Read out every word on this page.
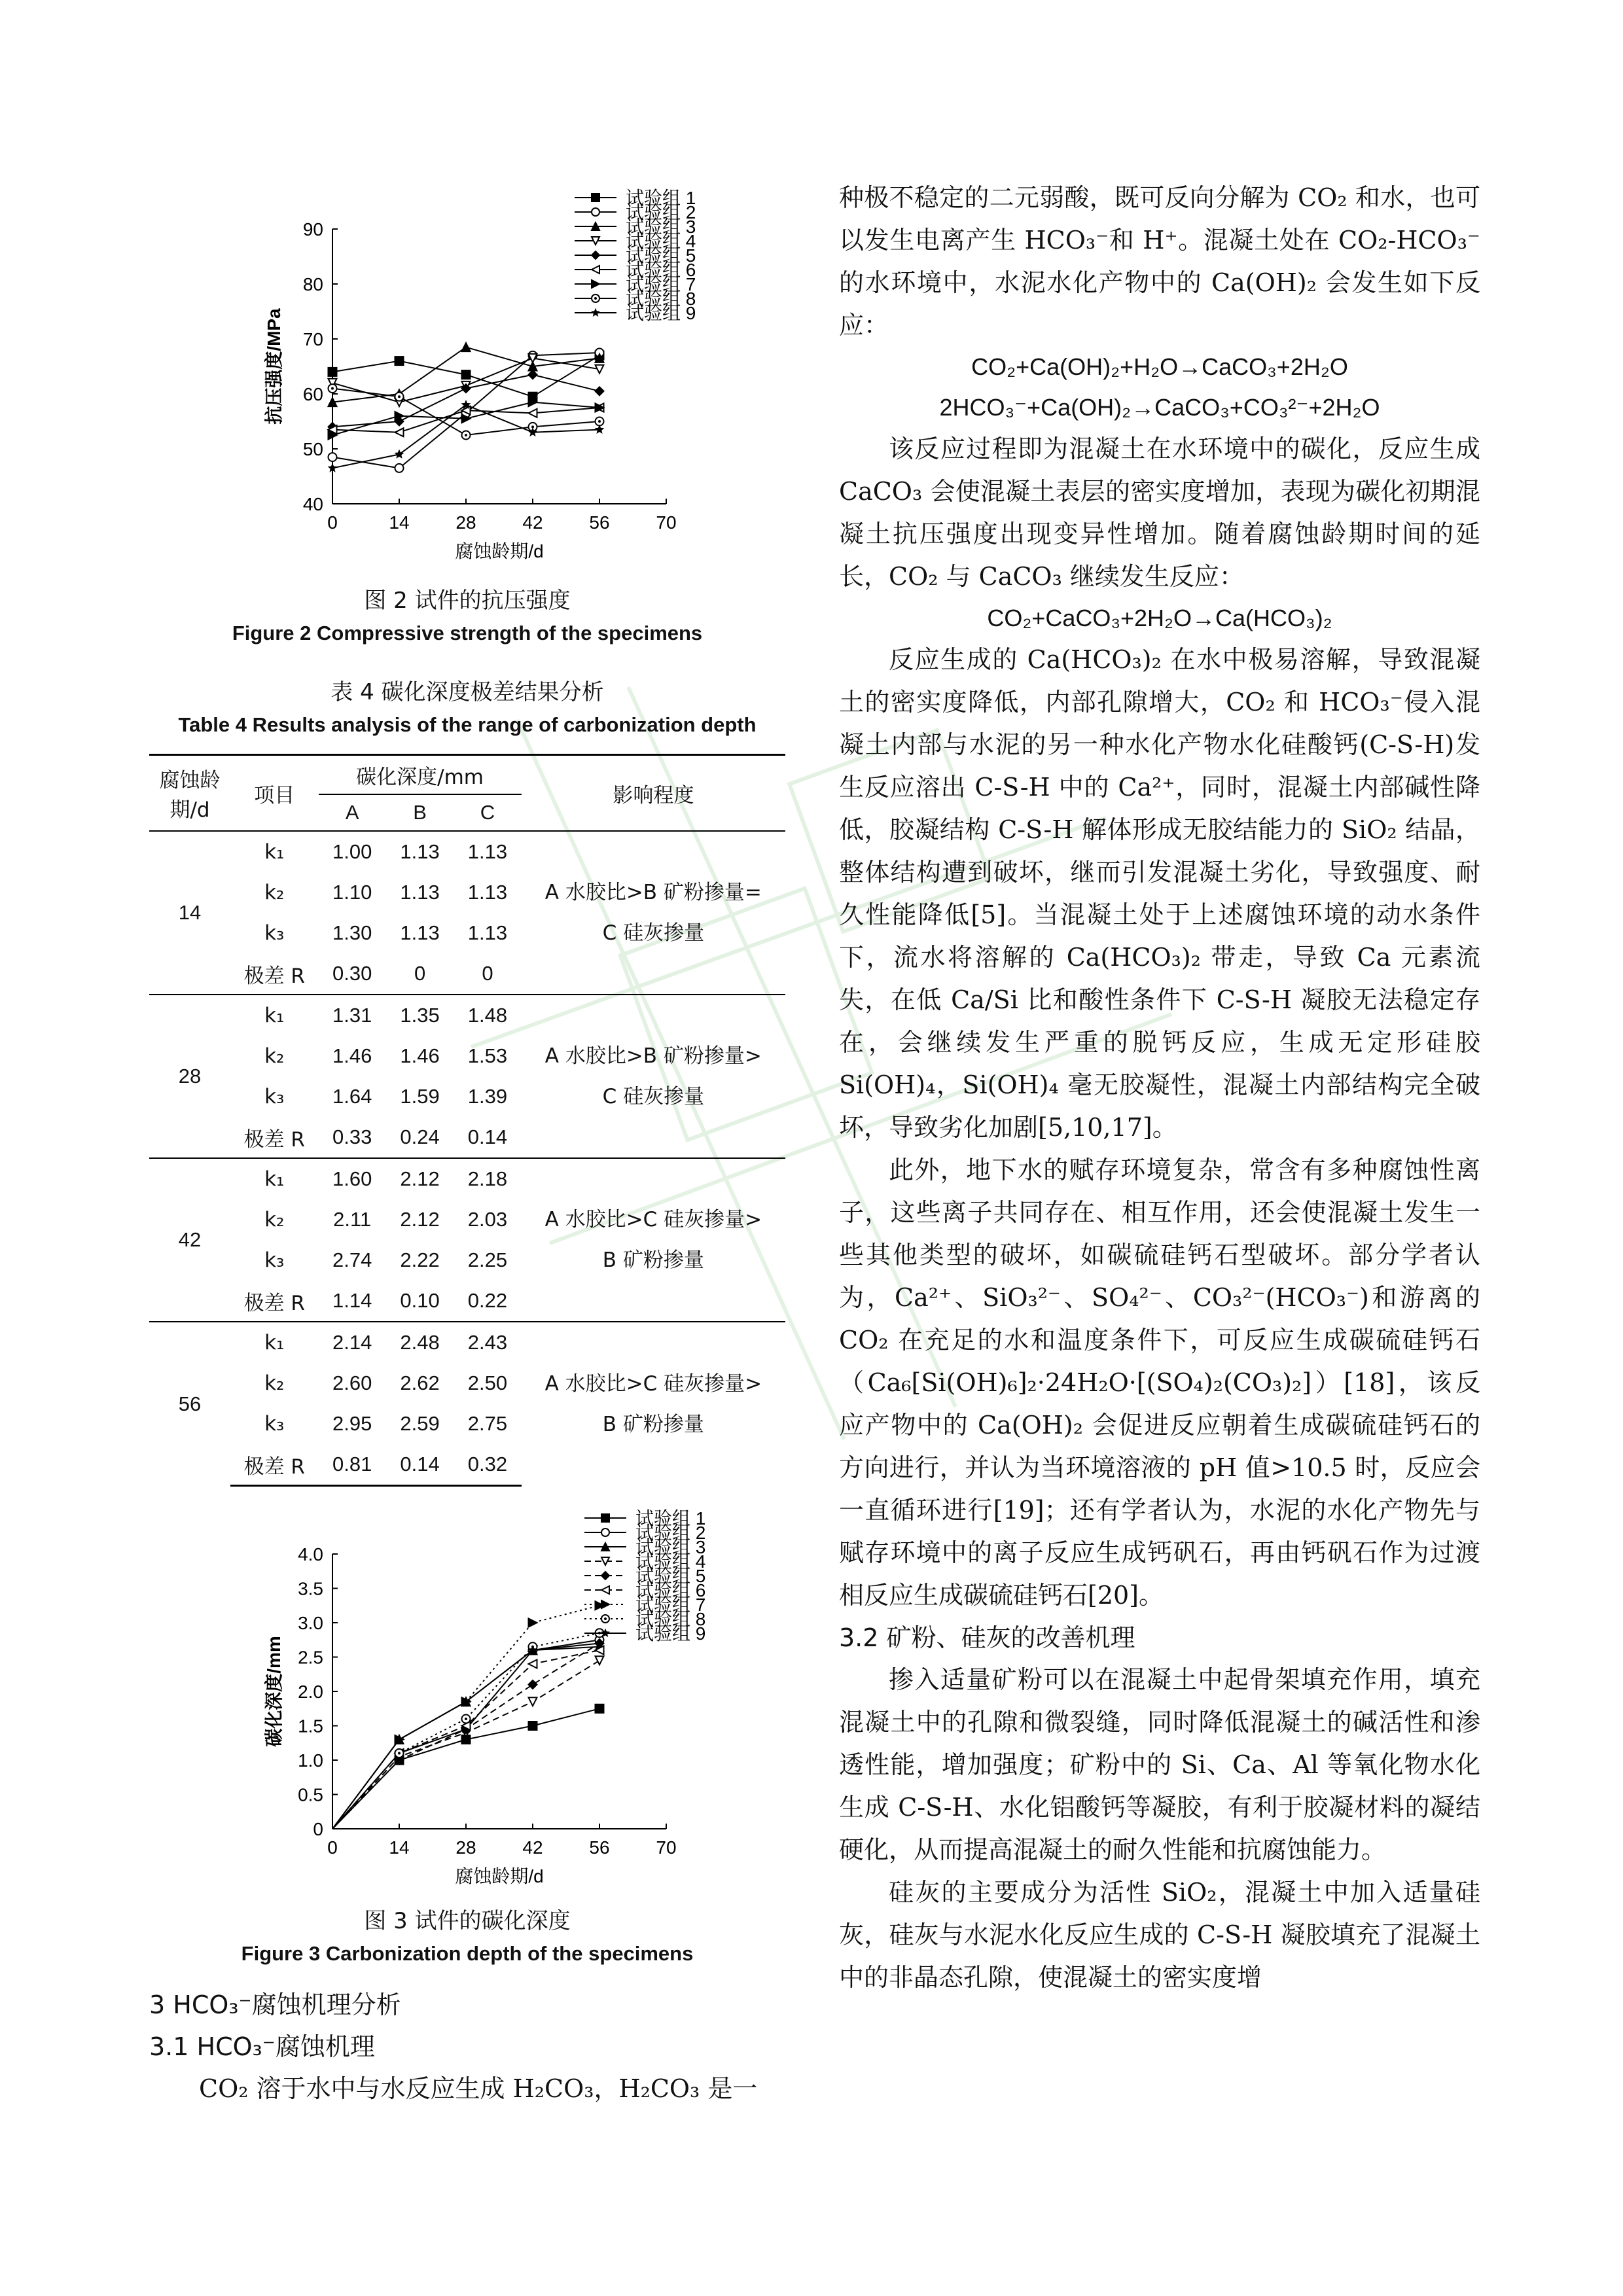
40
50
60
70
80
90
0	14	28	42	56	70
腐蚀龄期/d
抗压强度/MPa
试验组 1
试验组 2
试验组 3
试验组 4
试验组 5
试验组 6
试验组 7
试验组 8
试验组 9
图 2 试件的抗压强度
Figure 2 Compressive strength of the specimens
表 4 碳化深度极差结果分析
Table 4 Results analysis of the range of carbonization depth
腐蚀龄期/d	项目	碳化深度/mm			影响程度
		A	B	C	
14	k₁	1.00	1.13	1.13	A 水胶比>B 矿粉掺量=
C 硅灰掺量

	k₂	1.10	1.13	1.13	
	k₃	1.30	1.13	1.13	
	极差 R	0.30	0	0	
28	k₁	1.31	1.35	1.48	A 水胶比>B 矿粉掺量>
C 硅灰掺量

	k₂	1.46	1.46	1.53	
	k₃	1.64	1.59	1.39	
	极差 R	0.33	0.24	0.14	
42	k₁	1.60	2.12	2.18	A 水胶比>C 硅灰掺量>
B 矿粉掺量

	k₂	2.11	2.12	2.03	
	k₃	2.74	2.22	2.25	
	极差 R	1.14	0.10	0.22	
56	k₁	2.14	2.48	2.43	A 水胶比>C 硅灰掺量>
B 矿粉掺量

	k₂	2.60	2.62	2.50	
	k₃	2.95	2.59	2.75	
	极差 R	0.81	0.14	0.32	
0
0.5
1.0
1.5
2.0
2.5
3.0
3.5
4.0
0	14	28	42	56	70
腐蚀龄期/d
碳化深度/mm
试验组 1
试验组 2
试验组 3
试验组 4
试验组 5
试验组 6
试验组 7
试验组 8
试验组 9
图 3 试件的碳化深度
Figure 3 Carbonization depth of the specimens
3 HCO₃⁻腐蚀机理分析
3.1 HCO₃⁻腐蚀机理

CO₂ 溶于水中与水反应生成 H₂CO₃，H₂CO₃ 是一

种极不稳定的二元弱酸，既可反向分解为 CO₂ 和水，也可以发生电离产生 HCO₃⁻和 H⁺。混凝土处在 CO₂-HCO₃⁻的水环境中，水泥水化产物中的 Ca(OH)₂ 会发生如下反应：

CO₂+Ca(OH)₂+H₂O→CaCO₃+2H₂O
2HCO₃⁻+Ca(OH)₂→CaCO₃+CO₃²⁻+2H₂O

该反应过程即为混凝土在水环境中的碳化，反应生成 CaCO₃ 会使混凝土表层的密实度增加，表现为碳化初期混凝土抗压强度出现变异性增加。随着腐蚀龄期时间的延长，CO₂ 与 CaCO₃ 继续发生反应：

CO₂+CaCO₃+2H₂O→Ca(HCO₃)₂

反应生成的 Ca(HCO₃)₂ 在水中极易溶解，导致混凝土的密实度降低，内部孔隙增大，CO₂ 和 HCO₃⁻侵入混凝土内部与水泥的另一种水化产物水化硅酸钙(C-S-H)发生反应溶出 C-S-H 中的 Ca²⁺，同时，混凝土内部碱性降低，胶凝结构 C-S-H 解体形成无胶结能力的 SiO₂ 结晶，整体结构遭到破坏，继而引发混凝土劣化，导致强度、耐久性能降低[5]。当混凝土处于上述腐蚀环境的动水条件下，流水将溶解的 Ca(HCO₃)₂ 带走，导致 Ca 元素流失，在低 Ca/Si 比和酸性条件下 C-S-H 凝胶无法稳定存在，会继续发生严重的脱钙反应，生成无定形硅胶 Si(OH)₄，Si(OH)₄ 毫无胶凝性，混凝土内部结构完全破坏，导致劣化加剧[5,10,17]。

此外，地下水的赋存环境复杂，常含有多种腐蚀性离子，这些离子共同存在、相互作用，还会使混凝土发生一些其他类型的破坏，如碳硫硅钙石型破坏。部分学者认为，Ca²⁺、SiO₃²⁻、SO₄²⁻、CO₃²⁻(HCO₃⁻)和游离的 CO₂ 在充足的水和温度条件下，可反应生成碳硫硅钙石（Ca₆[Si(OH)₆]₂·24H₂O·[(SO₄)₂(CO₃)₂]）[18]，该反应产物中的 Ca(OH)₂ 会促进反应朝着生成碳硫硅钙石的方向进行，并认为当环境溶液的 pH 值>10.5 时，反应会一直循环进行[19]；还有学者认为，水泥的水化产物先与赋存环境中的离子反应生成钙矾石，再由钙矾石作为过渡相反应生成碳硫硅钙石[20]。

3.2 矿粉、硅灰的改善机理

掺入适量矿粉可以在混凝土中起骨架填充作用，填充混凝土中的孔隙和微裂缝，同时降低混凝土的碱活性和渗透性能，增加强度；矿粉中的 Si、Ca、Al 等氧化物水化生成 C-S-H、水化铝酸钙等凝胶，有利于胶凝材料的凝结硬化，从而提高混凝土的耐久性能和抗腐蚀能力。

硅灰的主要成分为活性 SiO₂，混凝土中加入适量硅灰，硅灰与水泥水化反应生成的 C-S-H 凝胶填充了混凝土中的非晶态孔隙，使混凝土的密实度增
